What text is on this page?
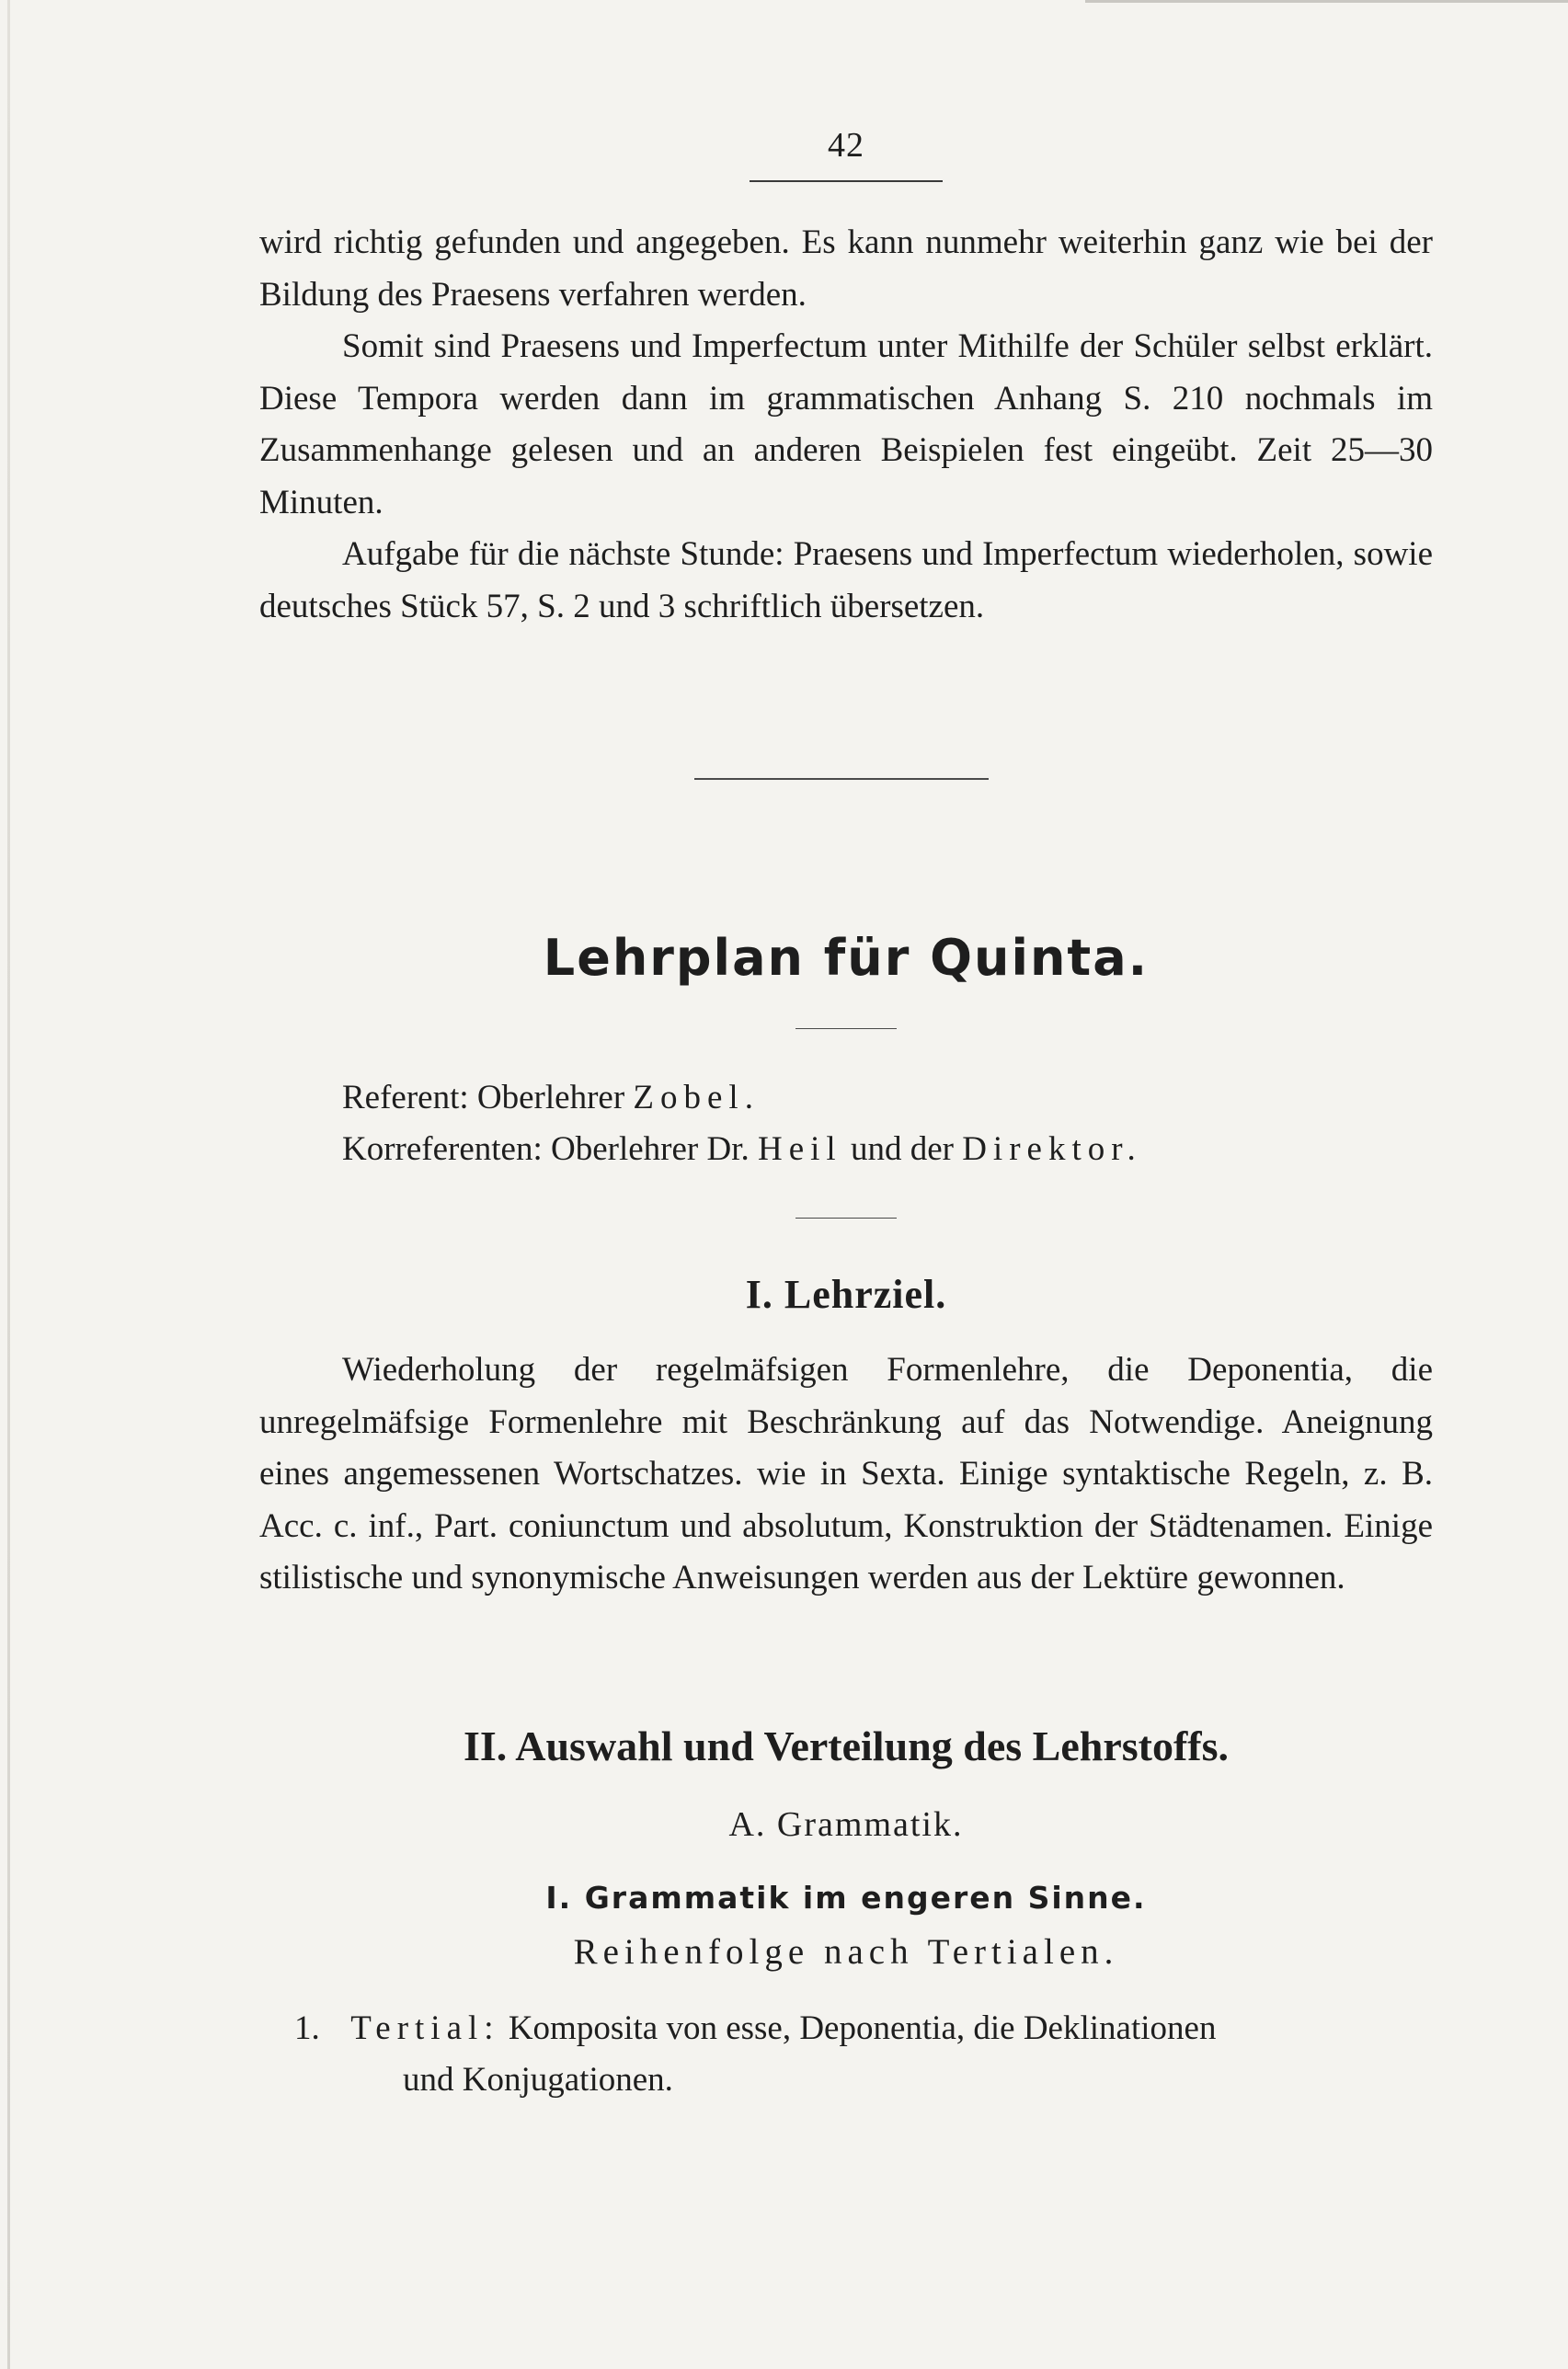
42

wird richtig gefunden und angegeben. Es kann nunmehr weiterhin ganz wie bei der Bildung des Praesens verfahren werden.

Somit sind Praesens und Imperfectum unter Mithilfe der Schüler selbst erklärt. Diese Tempora werden dann im grammatischen Anhang S. 210 nochmals im Zusammenhange gelesen und an anderen Beispielen fest eingeübt. Zeit 25—30 Minuten.

Aufgabe für die nächste Stunde: Praesens und Imperfectum wiederholen, sowie deutsches Stück 57, S. 2 und 3 schriftlich übersetzen.

Lehrplan für Quinta.
Referent: Oberlehrer Zobel.
Korreferenten: Oberlehrer Dr. Heil und der Direktor.
I. Lehrziel.

Wiederholung der regelmäfsigen Formenlehre, die Deponentia, die unregelmäfsige Formenlehre mit Beschränkung auf das Notwendige. Aneignung eines angemessenen Wortschatzes. wie in Sexta. Einige syntaktische Regeln, z. B. Acc. c. inf., Part. coniunctum und absolutum, Konstruktion der Städtenamen. Einige stilistische und synonymische Anweisungen werden aus der Lektüre gewonnen.

II. Auswahl und Verteilung des Lehrstoffs.
A. Grammatik.
I. Grammatik im engeren Sinne.
Reihenfolge nach Tertialen.
1. Tertial: Komposita von esse, Deponentia, die Deklinationen
und Konjugationen.
